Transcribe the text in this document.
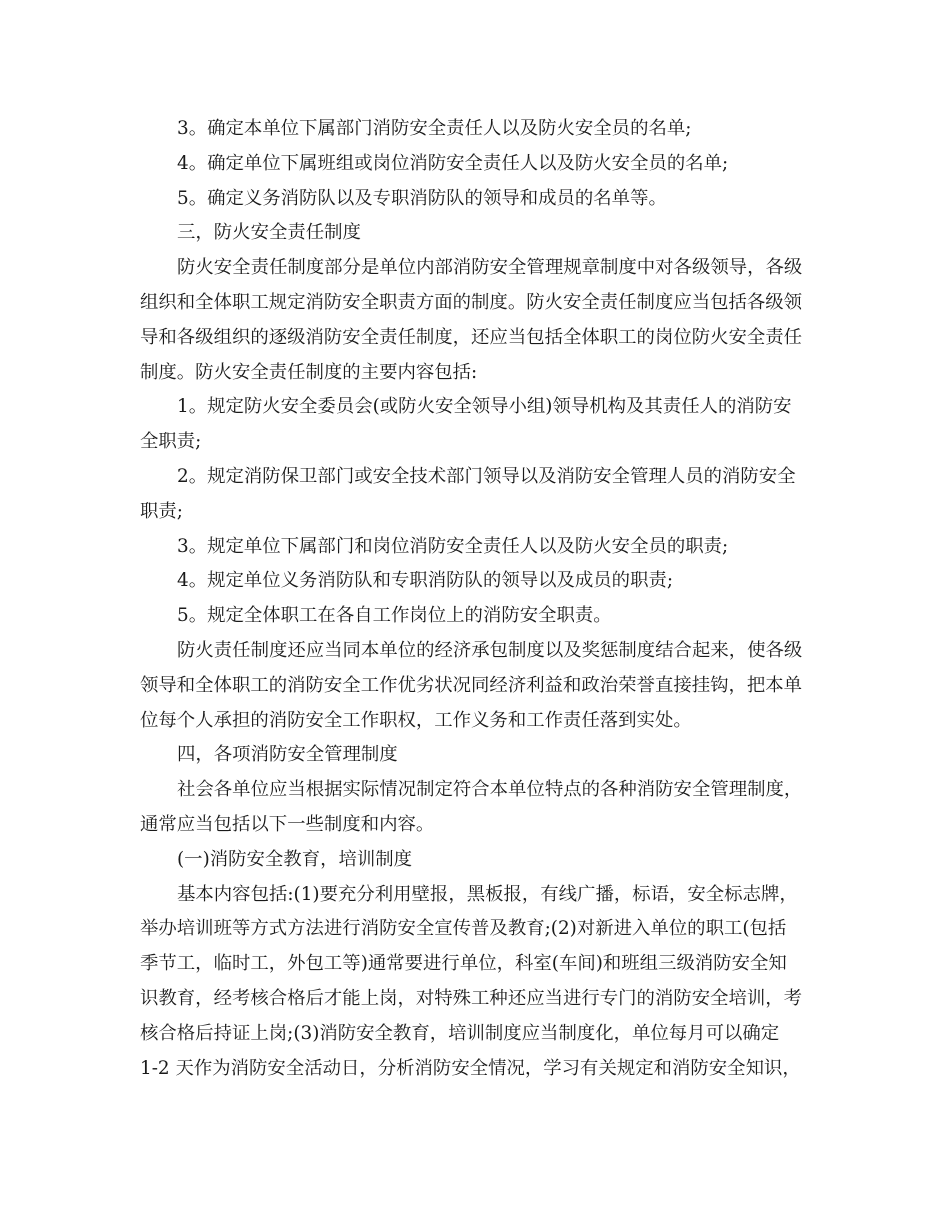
3。确定本单位下属部门消防安全责任人以及防火安全员的名单;
4。确定单位下属班组或岗位消防安全责任人以及防火安全员的名单;
5。确定义务消防队以及专职消防队的领导和成员的名单等。
三，防火安全责任制度
防火安全责任制度部分是单位内部消防安全管理规章制度中对各级领导，各级
组织和全体职工规定消防安全职责方面的制度。防火安全责任制度应当包括各级领
导和各级组织的逐级消防安全责任制度，还应当包括全体职工的岗位防火安全责任
制度。防火安全责任制度的主要内容包括:
1。规定防火安全委员会(或防火安全领导小组)领导机构及其责任人的消防安
全职责;
2。规定消防保卫部门或安全技术部门领导以及消防安全管理人员的消防安全
职责;
3。规定单位下属部门和岗位消防安全责任人以及防火安全员的职责;
4。规定单位义务消防队和专职消防队的领导以及成员的职责;
5。规定全体职工在各自工作岗位上的消防安全职责。
防火责任制度还应当同本单位的经济承包制度以及奖惩制度结合起来，使各级
领导和全体职工的消防安全工作优劣状况同经济利益和政治荣誉直接挂钩，把本单
位每个人承担的消防安全工作职权，工作义务和工作责任落到实处。
四，各项消防安全管理制度
社会各单位应当根据实际情况制定符合本单位特点的各种消防安全管理制度，
通常应当包括以下一些制度和内容。
(一)消防安全教育，培训制度
基本内容包括:(1)要充分利用壁报，黑板报，有线广播，标语，安全标志牌，
举办培训班等方式方法进行消防安全宣传普及教育;(2)对新进入单位的职工(包括
季节工，临时工，外包工等)通常要进行单位，科室(车间)和班组三级消防安全知
识教育，经考核合格后才能上岗，对特殊工种还应当进行专门的消防安全培训，考
核合格后持证上岗;(3)消防安全教育，培训制度应当制度化，单位每月可以确定
1-2 天作为消防安全活动日，分析消防安全情况，学习有关规定和消防安全知识，
